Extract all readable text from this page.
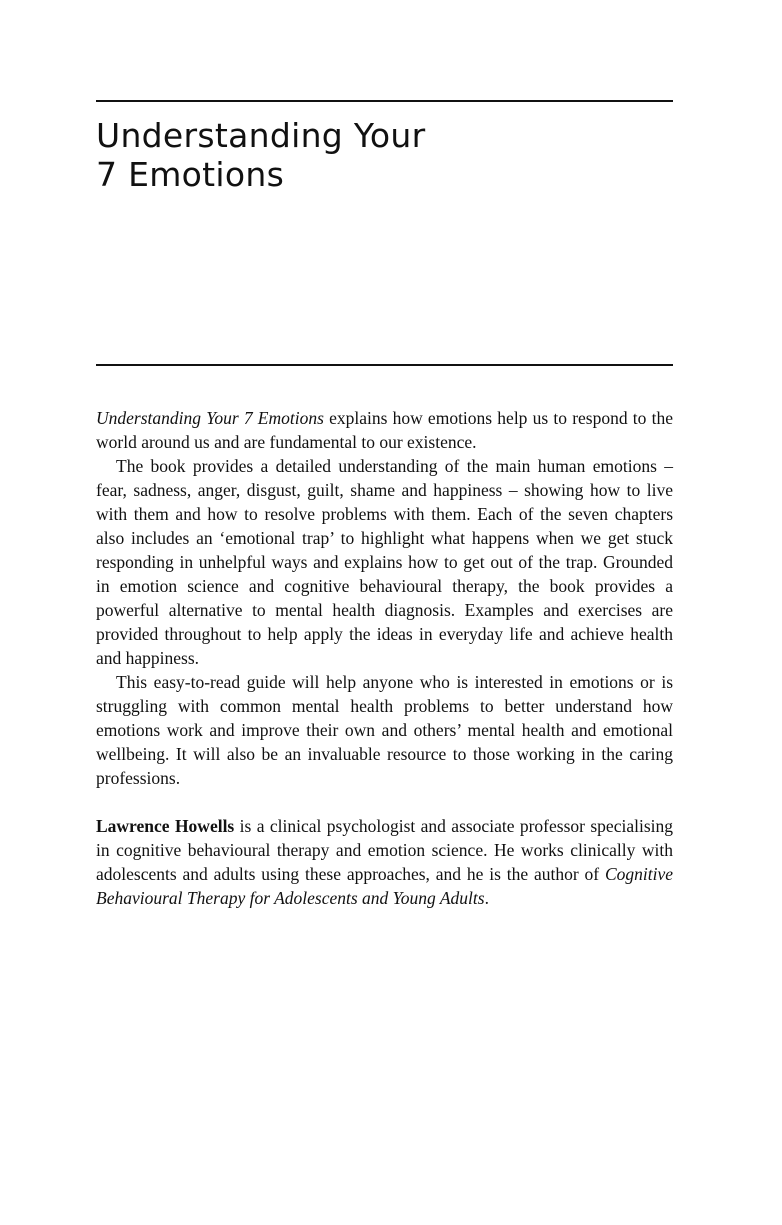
Understanding Your
7 Emotions

Understanding Your 7 Emotions explains how emotions help us to respond to the world around us and are fundamental to our existence.

The book provides a detailed understanding of the main human emotions – fear, sadness, anger, disgust, guilt, shame and happiness – showing how to live with them and how to resolve problems with them. Each of the seven chapters also includes an ‘emotional trap’ to highlight what happens when we get stuck responding in unhelpful ways and explains how to get out of the trap. Grounded in emotion science and cognitive behavioural therapy, the book provides a powerful alternative to mental health diagnosis. Examples and exercises are provided throughout to help apply the ideas in everyday life and achieve health and happiness.

This easy-to-read guide will help anyone who is interested in emotions or is struggling with common mental health problems to better understand how emotions work and improve their own and others’ mental health and emotional wellbeing. It will also be an invaluable resource to those working in the caring professions.

Lawrence Howells is a clinical psychologist and associate professor specialising in cognitive behavioural therapy and emotion science. He works clinically with adolescents and adults using these approaches, and he is the author of Cognitive Behavioural Therapy for Adolescents and Young Adults.
